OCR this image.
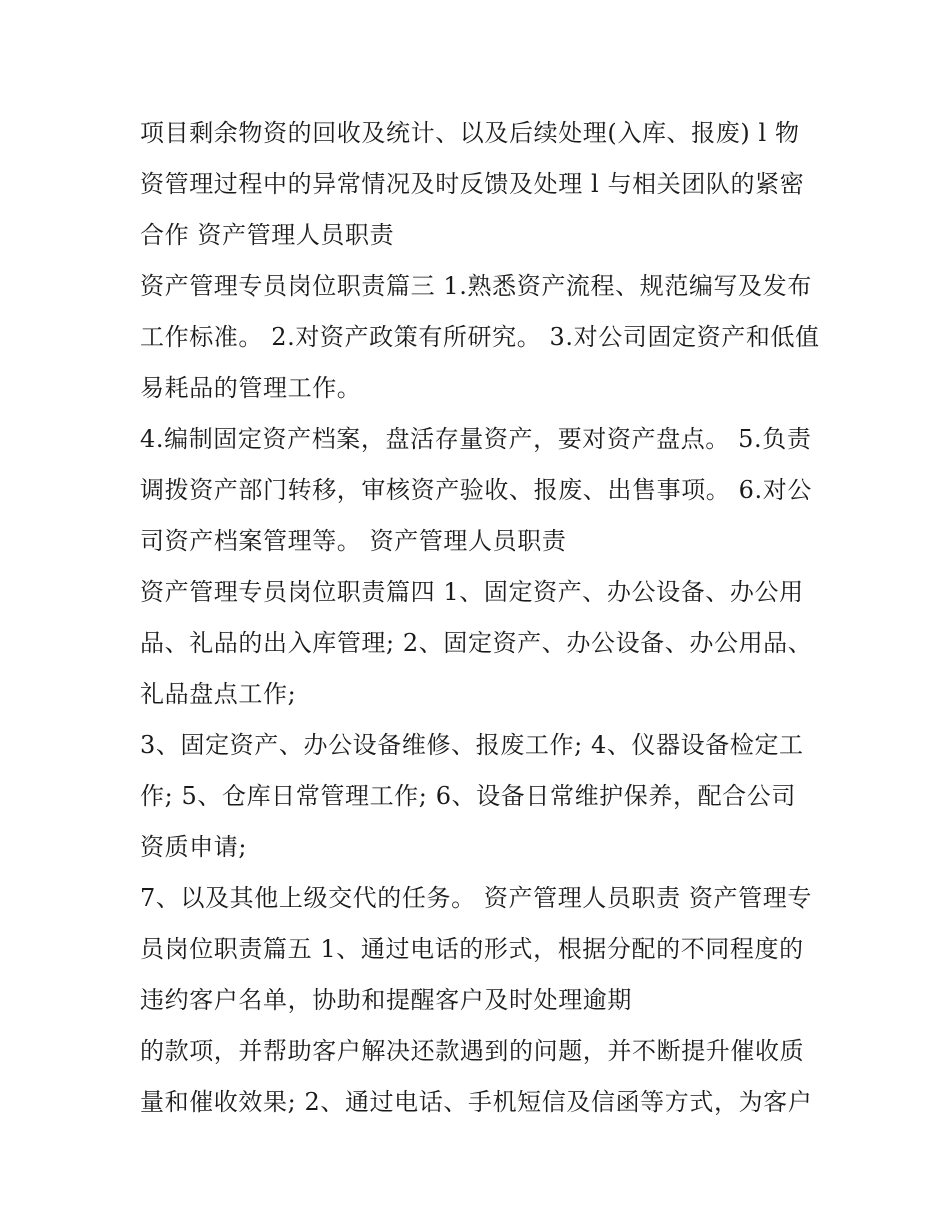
项目剩余物资的回收及统计、以及后续处理(入库、报废) l 物资管理过程中的异常情况及时反馈及处理 l 与相关团队的紧密合作 资产管理人员职责

资产管理专员岗位职责篇三 1.熟悉资产流程、规范编写及发布工作标准。 2.对资产政策有所研究。 3.对公司固定资产和低值易耗品的管理工作。

4.编制固定资产档案，盘活存量资产，要对资产盘点。 5.负责调拨资产部门转移，审核资产验收、报废、出售事项。 6.对公司资产档案管理等。 资产管理人员职责

资产管理专员岗位职责篇四 1、固定资产、办公设备、办公用品、礼品的出入库管理; 2、固定资产、办公设备、办公用品、礼品盘点工作;

3、固定资产、办公设备维修、报废工作; 4、仪器设备检定工作; 5、仓库日常管理工作; 6、设备日常维护保养，配合公司资质申请;

7、以及其他上级交代的任务。 资产管理人员职责 资产管理专员岗位职责篇五 1、通过电话的形式，根据分配的不同程度的违约客户名单，协助和提醒客户及时处理逾期

的款项，并帮助客户解决还款遇到的问题，并不断提升催收质量和催收效果; 2、通过电话、手机短信及信函等方式，为客户
